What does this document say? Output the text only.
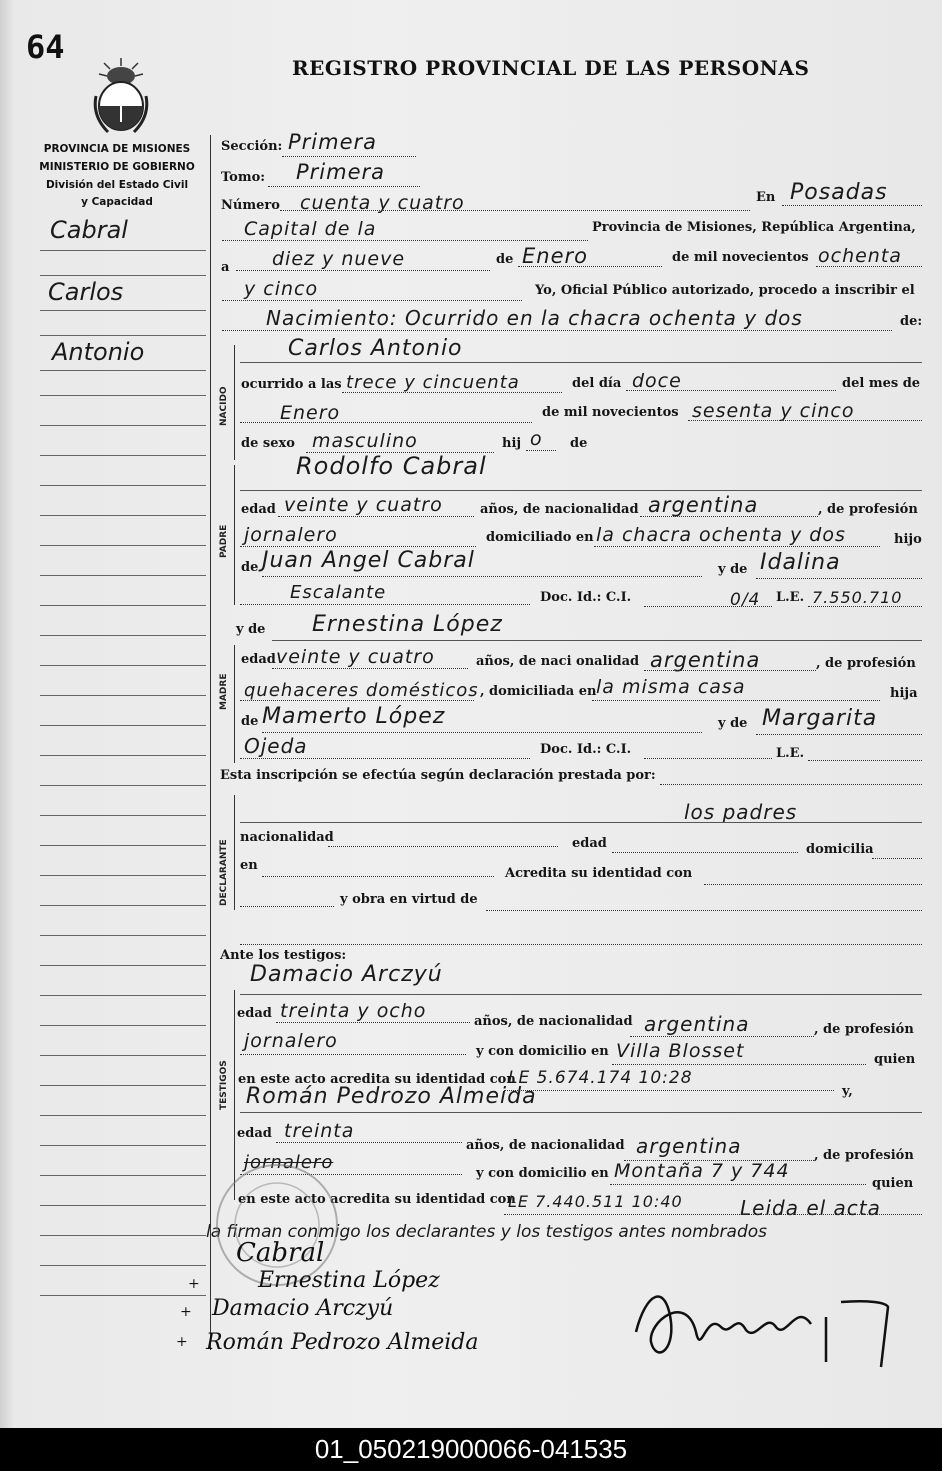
64
REGISTRO PROVINCIAL DE LAS PERSONAS
PROVINCIA DE MISIONES
MINISTERIO DE GOBIERNO
División del Estado Civil
y Capacidad
Cabral
Carlos
Antonio
Sección: Primera
Tomo: Primera
Número cuenta y cuatro	En Posadas
Capital de la	Provincia de Misiones, República Argentina,
a diez y nueve	de Enero	de mil novecientos ochenta
y cinco	Yo, Oficial Público autorizado, procedo a inscribir el
Nacimiento: Ocurrido en la chacra ochenta y dos	de:
NACIDO
Carlos Antonio
ocurrido a las trece y cincuenta	del día doce	del mes de
Enero	de mil novecientos sesenta y cinco
de sexo masculino	hij o de
Rodolfo Cabral
PADRE
edad veinte y cuatro	años, de nacionalidad argentina	, de profesión
jornalero	domiciliado en la chacra ochenta y dos	hijo
de Juan Angel Cabral	y de Idalina
Escalante	Doc. Id.: C.I.	0/4 L.E. 7.550.710
y de Ernestina López
MADRE
edad veinte y cuatro	años, de naci onalidad argentina	, de profesión
quehaceres domésticos , domiciliada en la misma casa	hija
de Mamerto López	y de Margarita
Ojeda	Doc. Id.: C.I.	L.E.
Esta inscripción se efectúa según declaración prestada por:
los padres
DECLARANTE
nacionalidad	edad	domicilia
en
Acredita su identidad con
y obra en virtud de
Ante los testigos:
Damacio Arczyú
TESTIGOS
edad treinta y ocho	años, de nacionalidad argentina	, de profesión
jornalero	y con domicilio en Villa Blosset	quien
en este acto acredita su identidad con
LE 5.674.174 10:28
y,
Román Pedrozo Almeida
edad treinta
años, de nacionalidad argentina	, de profesión
jornalero
y con domicilio en Montaña 7 y 744
quien
en este acto acredita su identidad con
LE 7.440.511 10:40	Leida el acta
la firman conmigo los declarantes y los testigos antes nombrados
Cabral
Ernestina López
Damacio Arczyú
Román Pedrozo Almeida
+
+
+
01_050219000066-041535
